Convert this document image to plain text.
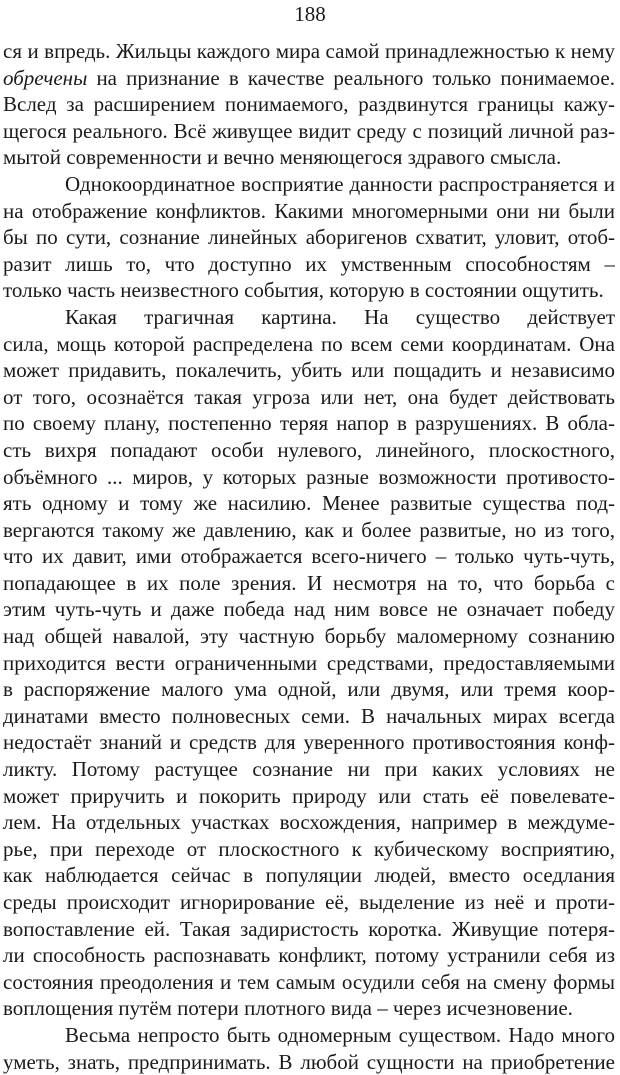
188
ся и впредь. Жильцы каждого мира самой принадлежностью к нему
обречены на признание в качестве реального только понимаемое.
Вслед за расширением понимаемого, раздвинутся границы кажу-
щегося реального. Всё живущее видит среду с позиций личной раз-
мытой современности и вечно меняющегося здравого смысла.
Однокоординатное восприятие данности распространяется и
на отображение конфликтов. Какими многомерными они ни были
бы по сути, сознание линейных аборигенов схватит, уловит, отоб-
разит лишь то, что доступно их умственным способностям –
только часть неизвестного события, которую в состоянии ощутить.
Какая трагичная картина. На существо действует
сила, мощь которой распределена по всем семи координатам. Она
может придавить, покалечить, убить или пощадить и независимо
от того, осознаётся такая угроза или нет, она будет действовать
по своему плану, постепенно теряя напор в разрушениях. В обла-
сть вихря попадают особи нулевого, линейного, плоскостного,
объёмного ... миров, у которых разные возможности противосто-
ять одному и тому же насилию. Менее развитые существа под-
вергаются такому же давлению, как и более развитые, но из того,
что их давит, ими отображается всего-ничего – только чуть-чуть,
попадающее в их поле зрения. И несмотря на то, что борьба с
этим чуть-чуть и даже победа над ним вовсе не означает победу
над общей навалой, эту частную борьбу маломерному сознанию
приходится вести ограниченными средствами, предоставляемыми
в распоряжение малого ума одной, или двумя, или тремя коор-
динатами вместо полновесных семи. В начальных мирах всегда
недостаёт знаний и средств для уверенного противостояния конф-
ликту. Потому растущее сознание ни при каких условиях не
может приручить и покорить природу или стать её повелевате-
лем. На отдельных участках восхождения, например в междуме-
рье, при переходе от плоскостного к кубическому восприятию,
как наблюдается сейчас в популяции людей, вместо оседлания
среды происходит игнорирование её, выделение из неё и проти-
вопоставление ей. Такая задиристость коротка. Живущие потеря-
ли способность распознавать конфликт, потому устранили себя из
состояния преодоления и тем самым осудили себя на смену формы
воплощения путём потери плотного вида – через исчезновение.
Весьма непросто быть одномерным существом. Надо много
уметь, знать, предпринимать. В любой сущности на приобретение
